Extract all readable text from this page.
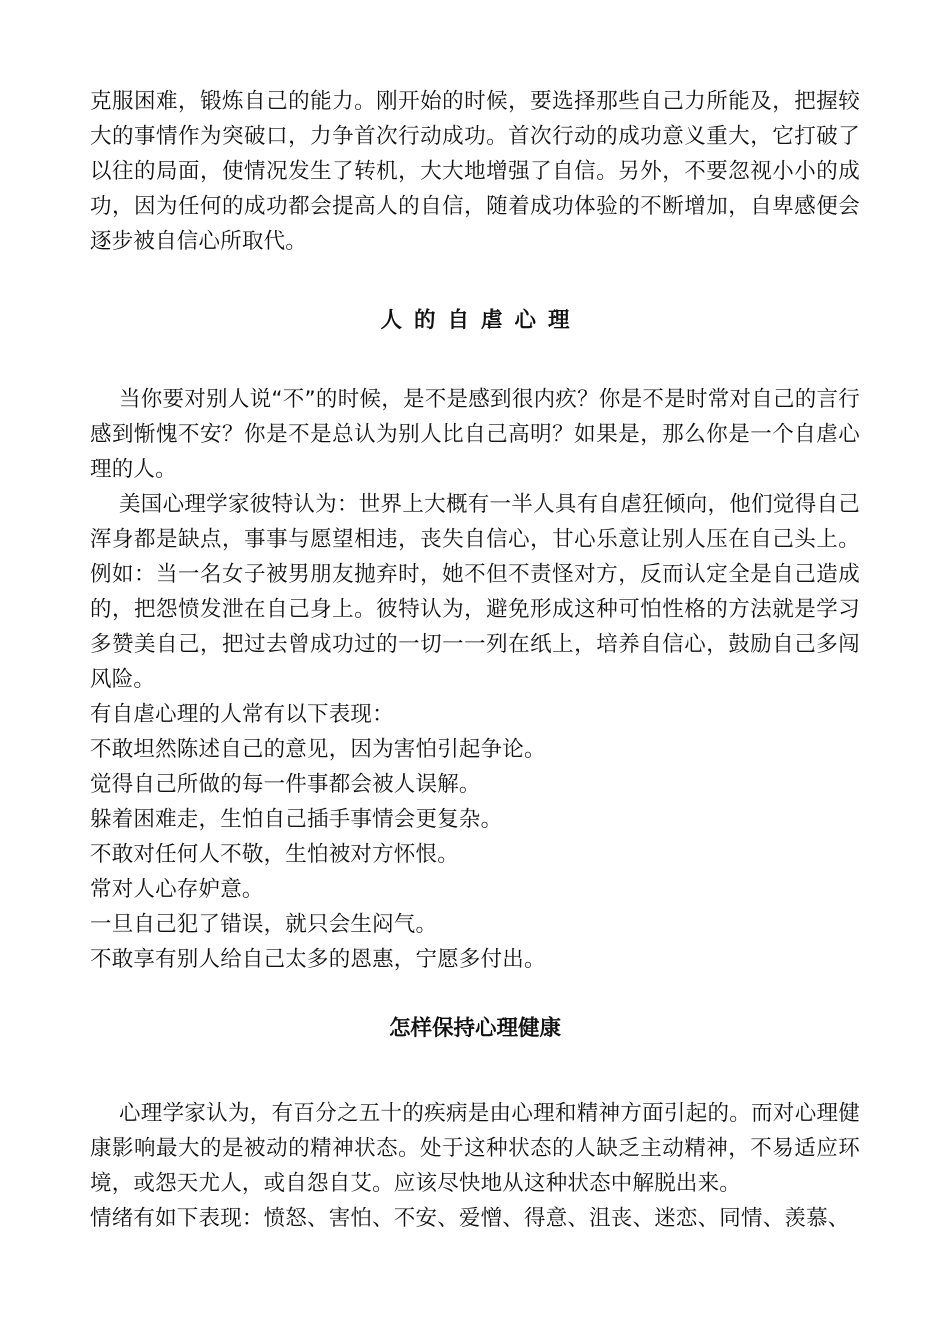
克服困难，锻炼自己的能力。刚开始的时候，要选择那些自己力所能及，把握较大的事情作为突破口，力争首次行动成功。首次行动的成功意义重大，它打破了以往的局面，使情况发生了转机，大大地增强了自信。另外，不要忽视小小的成功，因为任何的成功都会提高人的自信，随着成功体验的不断增加，自卑感便会逐步被自信心所取代。

人的自虐心理

当你要对别人说“不”的时候，是不是感到很内疚？你是不是时常对自己的言行感到惭愧不安？你是不是总认为别人比自己高明？如果是，那么你是一个自虐心理的人。

美国心理学家彼特认为：世界上大概有一半人具有自虐狂倾向，他们觉得自己浑身都是缺点，事事与愿望相违，丧失自信心，甘心乐意让别人压在自己头上。例如：当一名女子被男朋友抛弃时，她不但不责怪对方，反而认定全是自己造成的，把怨愤发泄在自己身上。彼特认为，避免形成这种可怕性格的方法就是学习多赞美自己，把过去曾成功过的一切一一列在纸上，培养自信心，鼓励自己多闯风险。

有自虐心理的人常有以下表现：

不敢坦然陈述自己的意见，因为害怕引起争论。

觉得自己所做的每一件事都会被人误解。

躲着困难走，生怕自己插手事情会更复杂。

不敢对任何人不敬，生怕被对方怀恨。

常对人心存妒意。

一旦自己犯了错误，就只会生闷气。

不敢享有别人给自己太多的恩惠，宁愿多付出。

怎样保持心理健康

心理学家认为，有百分之五十的疾病是由心理和精神方面引起的。而对心理健康影响最大的是被动的精神状态。处于这种状态的人缺乏主动精神，不易适应环境，或怨天尤人，或自怨自艾。应该尽快地从这种状态中解脱出来。

情绪有如下表现：愤怒、害怕、不安、爱憎、得意、沮丧、迷恋、同情、羡慕、
